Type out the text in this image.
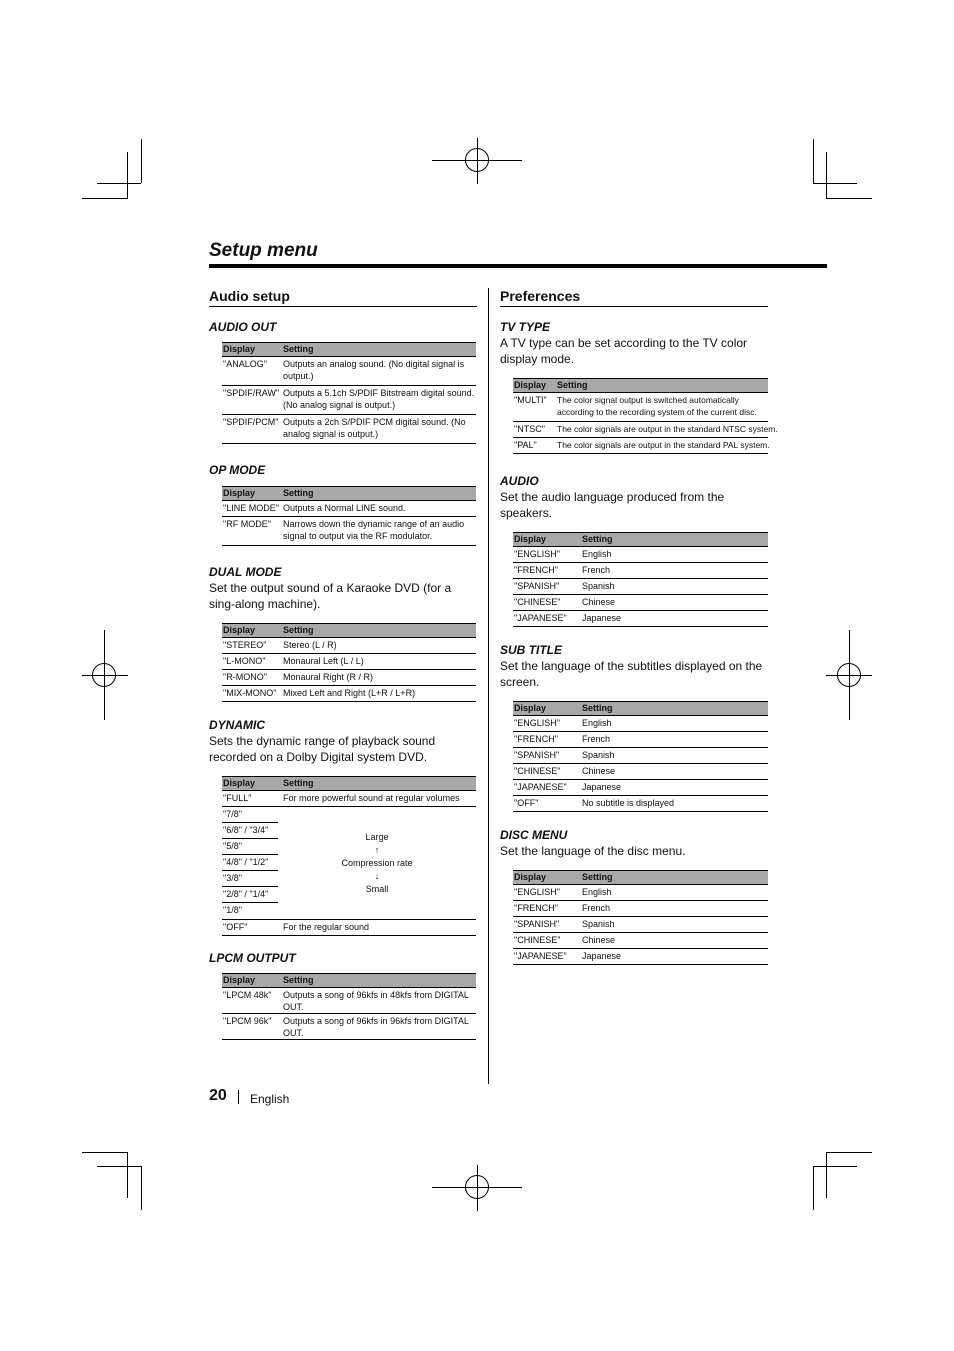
Setup menu
Audio setup
AUDIO OUT
Display	Setting
"ANALOG"	Outputs an analog sound. (No digital signal is output.)
"SPDIF/RAW" Outputs a 5.1ch S/PDIF Bitstream digital sound. (No analog signal is output.)
"SPDIF/PCM" Outputs a 2ch S/PDIF PCM digital sound. (No analog signal is output.)
OP MODE
Display	Setting
"LINE MODE" Outputs a Normal LINE sound.
"RF MODE"	Narrows down the dynamic range of an audio signal to output via the RF modulator.
DUAL MODE
Set the output sound of a Karaoke DVD (for a sing-along machine).
Display	Setting
"STEREO"	Stereo (L / R)
"L-MONO"	Monaural Left (L / L)
"R-MONO"	Monaural Right (R / R)
"MIX-MONO" Mixed Left and Right (L+R / L+R)
DYNAMIC
Sets the dynamic range of playback sound recorded on a Dolby Digital system DVD.
Display	Setting
"FULL"	For more powerful sound at regular volumes
"7/8"
"6/8" / "3/4"
"5/8"
"4/8" / "1/2"
"3/8"
"2/8" / "1/4"
"1/8"
Large
↑
Compression rate
↓
Small
"OFF"	For the regular sound
LPCM OUTPUT
Display	Setting
"LPCM 48k"	Outputs a song of 96kfs in 48kfs from DIGITAL OUT.
"LPCM 96k"	Outputs a song of 96kfs in 96kfs from DIGITAL OUT.
Preferences
TV TYPE
A TV type can be set according to the TV color display mode.
Display	Setting
"MULTI"	The color signal output is switched automatically according to the recording system of the current disc.
"NTSC"	The color signals are output in the standard NTSC system.
"PAL"	The color signals are output in the standard PAL system.
AUDIO
Set the audio language produced from the speakers.
Display	Setting
"ENGLISH"	English
"FRENCH"	French
"SPANISH"	Spanish
"CHINESE"	Chinese
"JAPANESE"	Japanese
SUB TITLE
Set the language of the subtitles displayed on the screen.
Display	Setting
"ENGLISH"	English
"FRENCH"	French
"SPANISH"	Spanish
"CHINESE"	Chinese
"JAPANESE"	Japanese
"OFF"	No subtitle is displayed
DISC MENU
Set the language of the disc menu.
Display	Setting
"ENGLISH"	English
"FRENCH"	French
"SPANISH"	Spanish
"CHINESE"	Chinese
"JAPANESE"	Japanese
20 English
